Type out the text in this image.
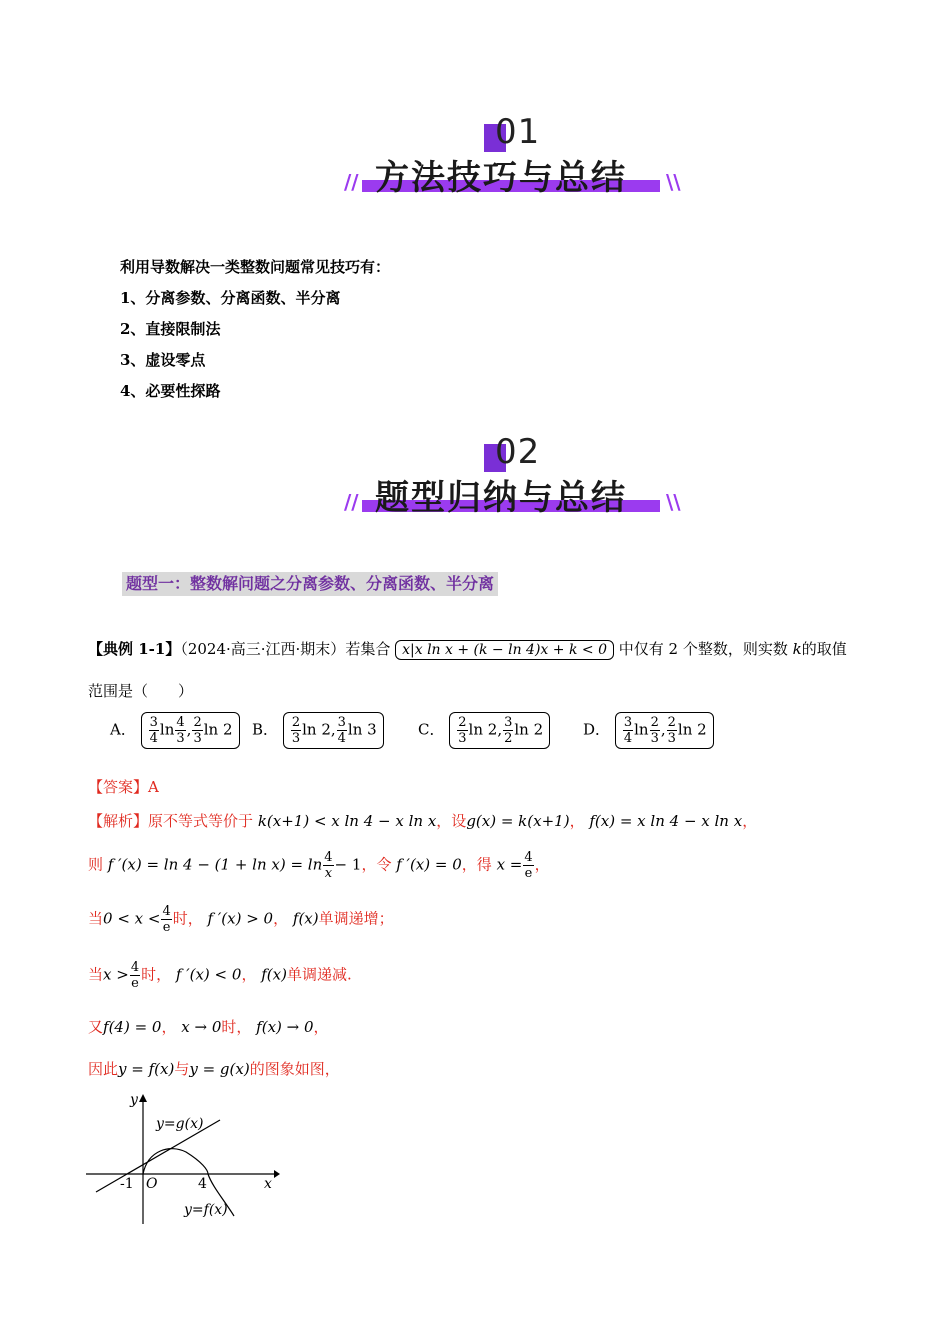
01
// 方法技巧与总结 \\
利用导数解决一类整数问题常见技巧有：
1、分离参数、分离函数、半分离
2、直接限制法
3、虚设零点
4、必要性探路
02
// 题型归纳与总结 \\
题型一：整数解问题之分离参数、分离函数、半分离
【典例 1-1】（2024·高三·江西·期末）若集合 x|x ln x + (k − ln 4)x + k < 0 中仅有 2 个整数，则实数 k的取值
范围是（　　）
A． $\frac{3}{4}$ $\ln \frac{4}{3}$ , $\frac{2}{3}$ ln 2	B． $\frac{2}{3}$ ln 2, $\frac{3}{4}$ ln 3	C． $\frac{2}{3}$ ln 2, $\frac{3}{2}$ ln 2	D． $\frac{3}{4}$ $\ln \frac{2}{3}$ , $\frac{2}{3}$ ln 2
【答案】A
【解析】原不等式等价于 k(x+1) < x ln 4 − x ln x，设g(x) = k(x+1)， f(x) = x ln 4 − x ln x，
则 f $'(x) = \ln 4 - (1 + \ln x) = \ln \frac{4}{x} - 1$，令 f ′(x) = 0，得 $x = \frac{4}{e}$ ，
当$0 < x < \frac{4}{e}$ 时， f ′(x) > 0， f(x)单调递增；
当$x > \frac{4}{e}$ 时， f ′(x) < 0， f(x)单调递减.
又f(4) = 0， x → 0时， f(x) → 0，
因此y = f(x)与y = g(x)的图象如图，
y
x
O
-1	4
y=g(x)
y=f(x)
